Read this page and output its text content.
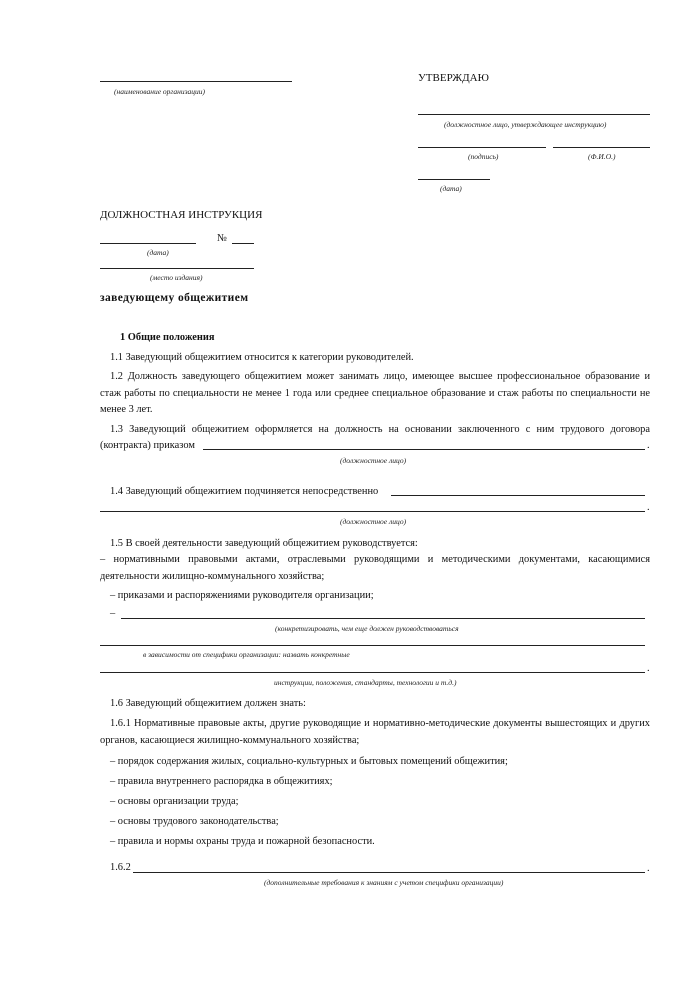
(наименование организации)
УТВЕРЖДАЮ
(должностное лицо, утверждающее инструкцию)
(подпись)	(Ф.И.О.)
(дата)
ДОЛЖНОСТНАЯ ИНСТРУКЦИЯ
№
(дата)
(место издания)
заведующему общежитием
1 Общие положения
1.1 Заведующий общежитием относится к категории руководителей.
1.2 Должность заведующего общежитием может занимать лицо, имеющее высшее профессиональное образование и стаж работы по специальности не менее 1 года или среднее специальное образование и стаж работы по специальности не менее 3 лет.
1.3 Заведующий общежитием оформляется на должность на основании заключенного с ним трудового договора
(контракта) приказом	.
(должностное лицо)
1.4 Заведующий общежитием подчиняется непосредственно
.
(должностное лицо)
1.5 В своей деятельности заведующий общежитием руководствуется:
– нормативными правовыми актами, отраслевыми руководящими и методическими документами, касающимися деятельности жилищно-коммунального хозяйства;
– приказами и распоряжениями руководителя организации;
–
(конкретизировать, чем еще должен руководствоваться
в зависимости от специфики организации: назвать конкретные
.
инструкции, положения, стандарты, технологии и т.д.)
1.6 Заведующий общежитием должен знать:
1.6.1 Нормативные правовые акты, другие руководящие и нормативно-методические документы вышестоящих и других органов, касающиеся жилищно-коммунального хозяйства;
– порядок содержания жилых, социально-культурных и бытовых помещений общежития;
– правила внутреннего распорядка в общежитиях;
– основы организации труда;
– основы трудового законодательства;
– правила и нормы охраны труда и пожарной безопасности.
1.6.2	.
(дополнительные требования к знаниям с учетом специфики организации)
